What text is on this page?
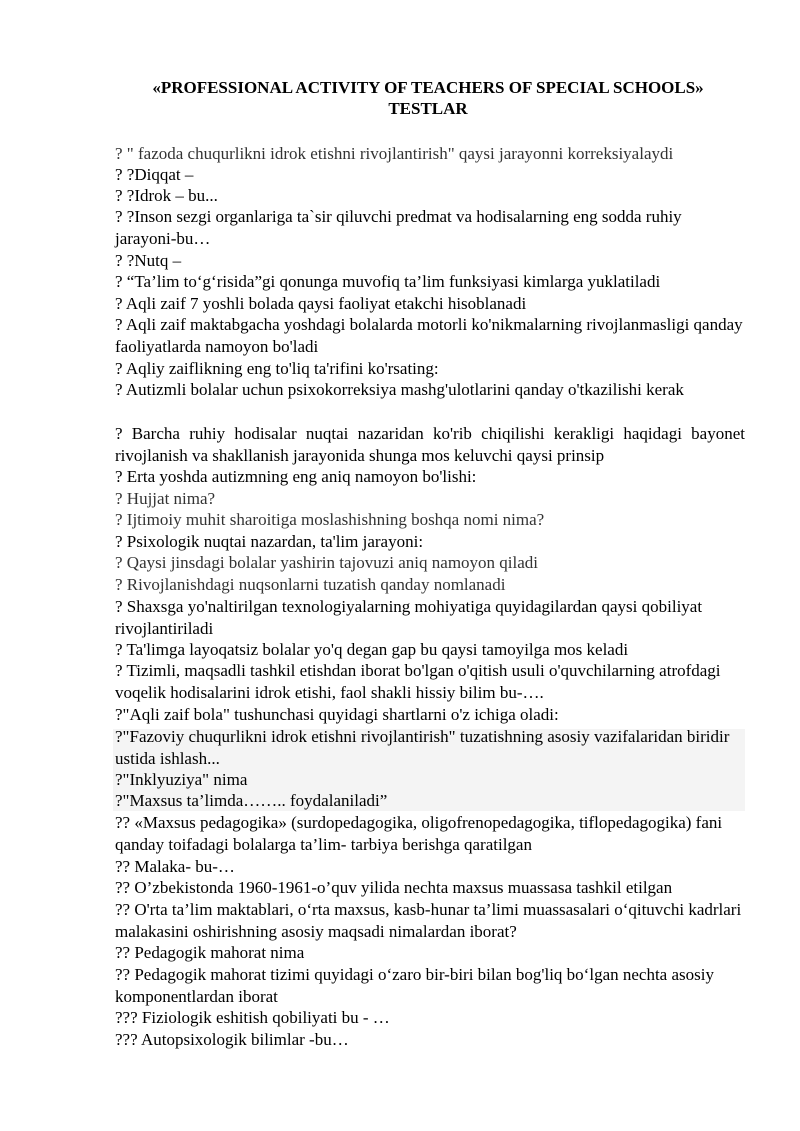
«PROFESSIONAL ACTIVITY OF TEACHERS OF SPECIAL SCHOOLS»
TESTLAR

? " fazoda chuqurlikni idrok etishni rivojlantirish" qaysi jarayonni korreksiyalaydi

? ?Diqqat –

? ?Idrok – bu...

? ?Inson sezgi organlariga ta`sir qiluvchi predmat va hodisalarning eng sodda ruhiy jarayoni-bu…

? ?Nutq –

? “Ta’lim to‘g‘risida”gi qonunga muvofiq ta’lim funksiyasi kimlarga yuklatiladi

? Aqli zaif 7 yoshli bolada qaysi faoliyat etakchi hisoblanadi

? Aqli zaif maktabgacha yoshdagi bolalarda motorli ko'nikmalarning rivojlanmasligi qanday faoliyatlarda namoyon bo'ladi

? Aqliy zaiflikning eng to'liq ta'rifini ko'rsating:

? Autizmli bolalar uchun psixokorreksiya mashg'ulotlarini qanday o'tkazilishi kerak

? Barcha ruhiy hodisalar nuqtai nazaridan ko'rib chiqilishi kerakligi haqidagi bayonet rivojlanish va shakllanish jarayonida shunga mos keluvchi qaysi prinsip

? Erta yoshda autizmning eng aniq namoyon bo'lishi:

? Hujjat nima?

? Ijtimoiy muhit sharoitiga moslashishning boshqa nomi nima?

? Psixologik nuqtai nazardan, ta'lim jarayoni:

? Qaysi jinsdagi bolalar yashirin tajovuzi aniq namoyon qiladi

? Rivojlanishdagi nuqsonlarni tuzatish qanday nomlanadi

? Shaxsga yo'naltirilgan texnologiyalarning mohiyatiga quyidagilardan qaysi qobiliyat rivojlantiriladi

? Ta'limga layoqatsiz bolalar yo'q degan gap bu qaysi tamoyilga mos keladi

? Tizimli, maqsadli tashkil etishdan iborat bo'lgan o'qitish usuli o'quvchilarning atrofdagi voqelik hodisalarini idrok etishi, faol shakli hissiy bilim bu-….

?"Aqli zaif bola" tushunchasi quyidagi shartlarni o'z ichiga oladi:

?"Fazoviy chuqurlikni idrok etishni rivojlantirish" tuzatishning asosiy vazifalaridan biridir ustida ishlash...

?"Inklyuziya" nima

?"Maxsus ta’limda…….. foydalaniladi”

?? «Maxsus pedagogika» (surdopedagogika, oligofrenopedagogika, tiflopedagogika) fani qanday toifadagi bolalarga ta’lim- tarbiya berishga qaratilgan

?? Malaka- bu-…

?? O’zbekistonda 1960-1961-o’quv yilida nechta maxsus muassasa tashkil etilgan

?? O'rta ta’lim maktablari, o‘rta maxsus, kasb-hunar ta’limi muassasalari o‘qituvchi kadrlari malakasini oshirishning asosiy maqsadi nimalardan iborat?

?? Pedagogik mahorat nima

?? Pedagogik mahorat tizimi quyidagi o‘zaro bir-biri bilan bog'liq bo‘lgan nechta asosiy komponentlardan iborat

??? Fiziologik eshitish qobiliyati bu - …

??? Autopsixologik bilimlar -bu…
